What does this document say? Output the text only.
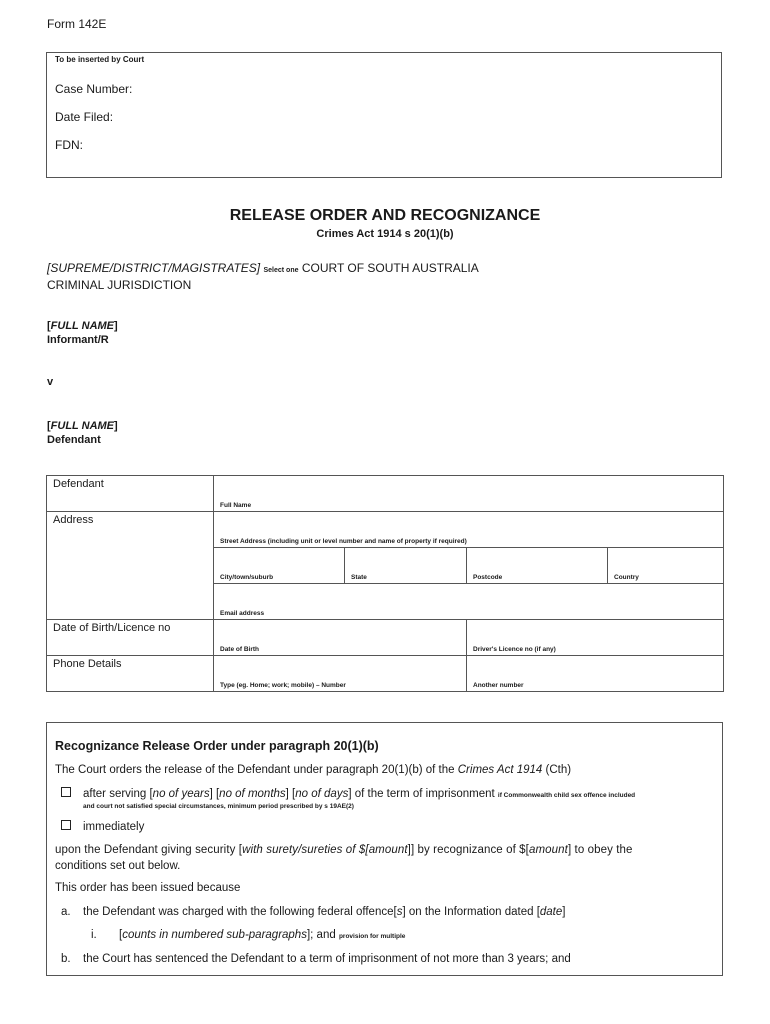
Form 142E
To be inserted by Court
Case Number:
Date Filed:
FDN:
RELEASE ORDER AND RECOGNIZANCE
Crimes Act 1914 s 20(1)(b)
[SUPREME/DISTRICT/MAGISTRATES] Select one COURT OF SOUTH AUSTRALIA
CRIMINAL JURISDICTION
[FULL NAME]
Informant/R
v
[FULL NAME]
Defendant
Defendant	Full Name			

Address	Street Address (including unit or level number and name of property if required)			

	City/town/suburb	State	Postcode	Country

	Email address			

Date of Birth/Licence no	Date of Birth		Driver's Licence no (if any)	

Phone Details	Type (eg. Home; work; mobile) – Number		Another number	
Recognizance Release Order under paragraph 20(1)(b)
The Court orders the release of the Defendant under paragraph 20(1)(b) of the Crimes Act 1914 (Cth)
after serving [no of years] [no of months] [no of days] of the term of imprisonment if Commonwealth child sex offence included
and court not satisfied special circumstances, minimum period prescribed by s 19AE(2)
immediately
upon the Defendant giving security [with surety/sureties of $[amount]] by recognizance of $[amount] to obey the
conditions set out below.
This order has been issued because
a. the Defendant was charged with the following federal offence[s] on the Information dated [date]
i. [counts in numbered sub-paragraphs]; and provision for multiple
b. the Court has sentenced the Defendant to a term of imprisonment of not more than 3 years; and
